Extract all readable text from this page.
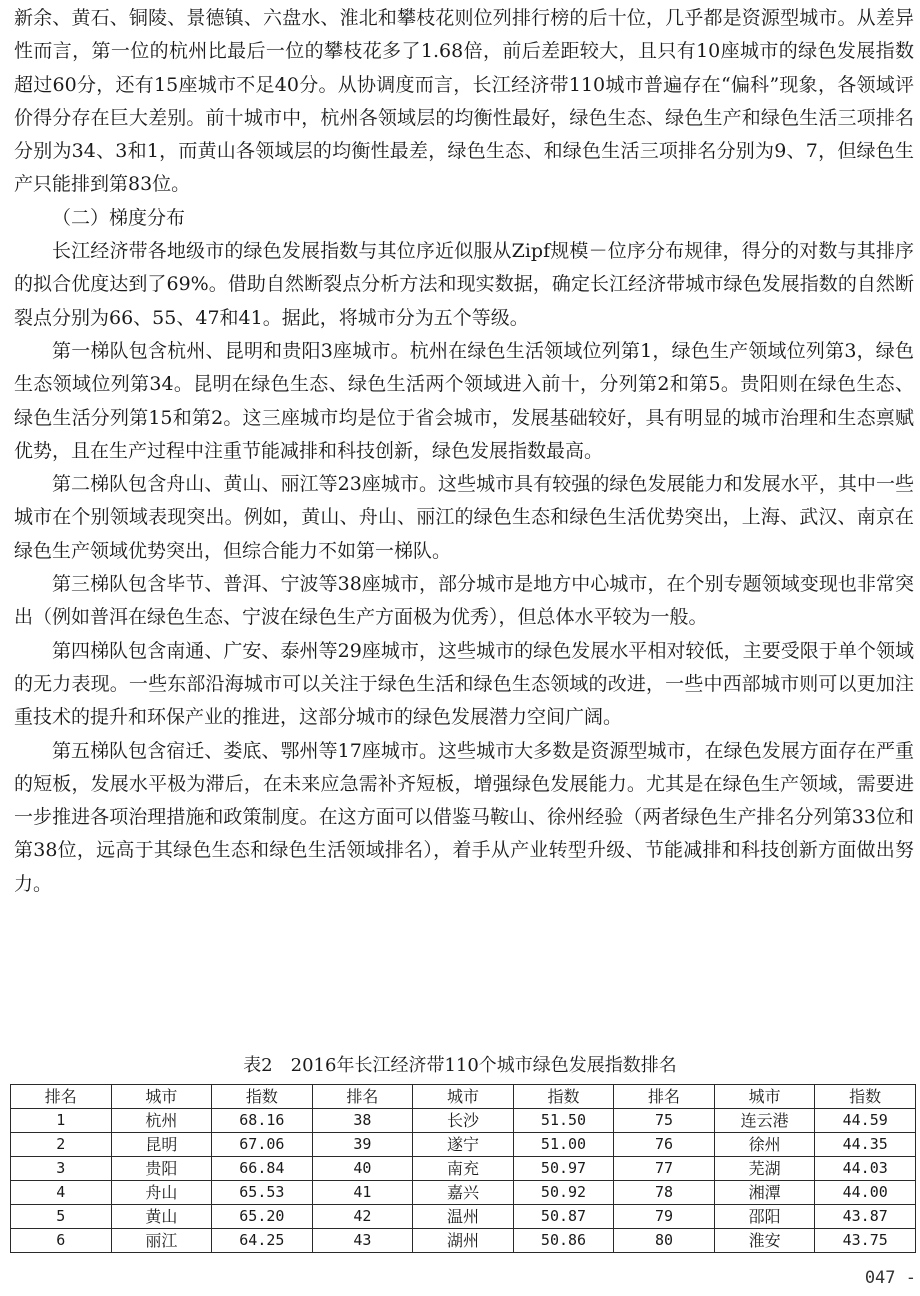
新余、黄石、铜陵、景德镇、六盘水、淮北和攀枝花则位列排行榜的后十位，几乎都是资源型城市。从差异性而言，第一位的杭州比最后一位的攀枝花多了1.68倍，前后差距较大，且只有10座城市的绿色发展指数超过60分，还有15座城市不足40分。从协调度而言，长江经济带110城市普遍存在“偏科”现象，各领域评价得分存在巨大差别。前十城市中，杭州各领域层的均衡性最好，绿色生态、绿色生产和绿色生活三项排名分别为34、3和1，而黄山各领域层的均衡性最差，绿色生态、和绿色生活三项排名分别为9、7，但绿色生产只能排到第83位。

（二）梯度分布

长江经济带各地级市的绿色发展指数与其位序近似服从Zipf规模－位序分布规律，得分的对数与其排序的拟合优度达到了69%。借助自然断裂点分析方法和现实数据，确定长江经济带城市绿色发展指数的自然断裂点分别为66、55、47和41。据此，将城市分为五个等级。

第一梯队包含杭州、昆明和贵阳3座城市。杭州在绿色生活领域位列第1，绿色生产领域位列第3，绿色生态领域位列第34。昆明在绿色生态、绿色生活两个领域进入前十，分列第2和第5。贵阳则在绿色生态、绿色生活分列第15和第2。这三座城市均是位于省会城市，发展基础较好，具有明显的城市治理和生态禀赋优势，且在生产过程中注重节能减排和科技创新，绿色发展指数最高。

第二梯队包含舟山、黄山、丽江等23座城市。这些城市具有较强的绿色发展能力和发展水平，其中一些城市在个别领域表现突出。例如，黄山、舟山、丽江的绿色生态和绿色生活优势突出，上海、武汉、南京在绿色生产领域优势突出，但综合能力不如第一梯队。

第三梯队包含毕节、普洱、宁波等38座城市，部分城市是地方中心城市，在个别专题领域变现也非常突出（例如普洱在绿色生态、宁波在绿色生产方面极为优秀），但总体水平较为一般。

第四梯队包含南通、广安、泰州等29座城市，这些城市的绿色发展水平相对较低，主要受限于单个领域的无力表现。一些东部沿海城市可以关注于绿色生活和绿色生态领域的改进，一些中西部城市则可以更加注重技术的提升和环保产业的推进，这部分城市的绿色发展潜力空间广阔。

第五梯队包含宿迁、娄底、鄂州等17座城市。这些城市大多数是资源型城市，在绿色发展方面存在严重的短板，发展水平极为滞后，在未来应急需补齐短板，增强绿色发展能力。尤其是在绿色生产领域，需要进一步推进各项治理措施和政策制度。在这方面可以借鉴马鞍山、徐州经验（两者绿色生产排名分列第33位和第38位，远高于其绿色生态和绿色生活领域排名），着手从产业转型升级、节能减排和科技创新方面做出努力。

表2　2016年长江经济带110个城市绿色发展指数排名
排名	城市	指数	排名	城市	指数	排名	城市	指数
1	杭州	68.16	38	长沙	51.50	75	连云港	44.59
2	昆明	67.06	39	遂宁	51.00	76	徐州	44.35
3	贵阳	66.84	40	南充	50.97	77	芜湖	44.03
4	舟山	65.53	41	嘉兴	50.92	78	湘潭	44.00
5	黄山	65.20	42	温州	50.87	79	邵阳	43.87
6	丽江	64.25	43	湖州	50.86	80	淮安	43.75
047 -
